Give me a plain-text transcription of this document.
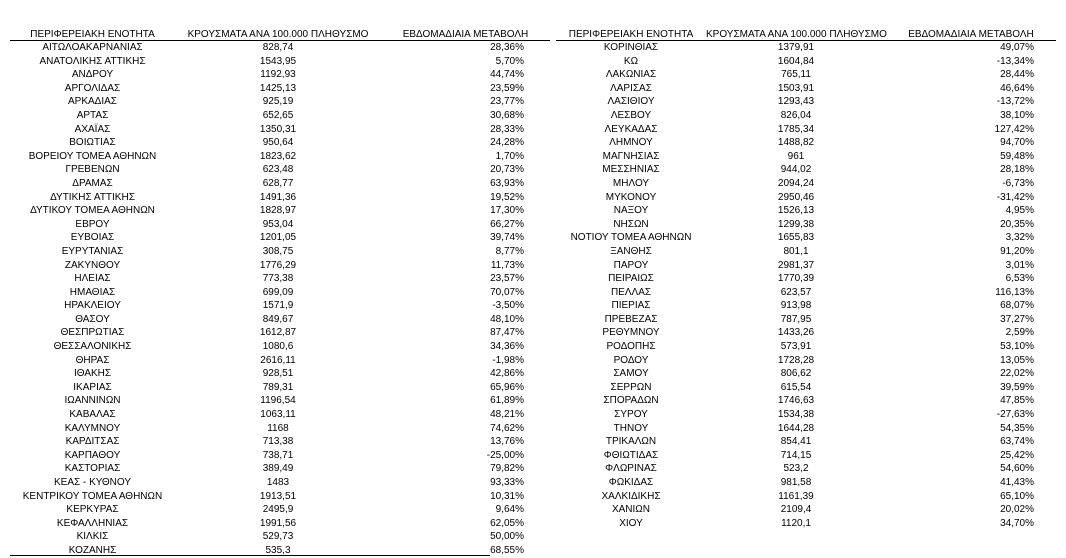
ΠΕΡΙΦΕΡΕΙΑΚΗ ΕΝΟΤΗΤΑ	ΚΡΟΥΣΜΑΤΑ ΑΝΑ 100.000 ΠΛΗΘΥΣΜΟ	ΕΒΔΟΜΑΔΙΑΙΑ ΜΕΤΑΒΟΛΗ
ΑΙΤΩΛΟΑΚΑΡΝΑΝΙΑΣ	828,74	28,36%
ΑΝΑΤΟΛΙΚΗΣ ΑΤΤΙΚΗΣ	1543,95	5,70%
ΑΝΔΡΟΥ	1192,93	44,74%
ΑΡΓΟΛΙΔΑΣ	1425,13	23,59%
ΑΡΚΑΔΙΑΣ	925,19	23,77%
ΑΡΤΑΣ	652,65	30,68%
ΑΧΑΪΑΣ	1350,31	28,33%
ΒΟΙΩΤΙΑΣ	950,64	24,28%
ΒΟΡΕΙΟΥ ΤΟΜΕΑ ΑΘΗΝΩΝ	1823,62	1,70%
ΓΡΕΒΕΝΩΝ	623,48	20,73%
ΔΡΑΜΑΣ	628,77	63,93%
ΔΥΤΙΚΗΣ ΑΤΤΙΚΗΣ	1491,36	19,52%
ΔΥΤΙΚΟΥ ΤΟΜΕΑ ΑΘΗΝΩΝ	1828,97	17,30%
ΕΒΡΟΥ	953,04	66,27%
ΕΥΒΟΙΑΣ	1201,05	39,74%
ΕΥΡΥΤΑΝΙΑΣ	308,75	8,77%
ΖΑΚΥΝΘΟΥ	1776,29	11,73%
ΗΛΕΙΑΣ	773,38	23,57%
ΗΜΑΘΙΑΣ	699,09	70,07%
ΗΡΑΚΛΕΙΟΥ	1571,9	-3,50%
ΘΑΣΟΥ	849,67	48,10%
ΘΕΣΠΡΩΤΙΑΣ	1612,87	87,47%
ΘΕΣΣΑΛΟΝΙΚΗΣ	1080,6	34,36%
ΘΗΡΑΣ	2616,11	-1,98%
ΙΘΑΚΗΣ	928,51	42,86%
ΙΚΑΡΙΑΣ	789,31	65,96%
ΙΩΑΝΝΙΝΩΝ	1196,54	61,89%
ΚΑΒΑΛΑΣ	1063,11	48,21%
ΚΑΛΥΜΝΟΥ	1168	74,62%
ΚΑΡΔΙΤΣΑΣ	713,38	13,76%
ΚΑΡΠΑΘΟΥ	738,71	-25,00%
ΚΑΣΤΟΡΙΑΣ	389,49	79,82%
ΚΕΑΣ - ΚΥΘΝΟΥ	1483	93,33%
ΚΕΝΤΡΙΚΟΥ ΤΟΜΕΑ ΑΘΗΝΩΝ	1913,51	10,31%
ΚΕΡΚΥΡΑΣ	2495,9	9,64%
ΚΕΦΑΛΛΗΝΙΑΣ	1991,56	62,05%
ΚΙΛΚΙΣ	529,73	50,00%
ΚΟΖΑΝΗΣ	535,3	68,55%
ΠΕΡΙΦΕΡΕΙΑΚΗ ΕΝΟΤΗΤΑ	ΚΡΟΥΣΜΑΤΑ ΑΝΑ 100.000 ΠΛΗΘΥΣΜΟ	ΕΒΔΟΜΑΔΙΑΙΑ ΜΕΤΑΒΟΛΗ
ΚΟΡΙΝΘΙΑΣ	1379,91	49,07%
ΚΩ	1604,84	-13,34%
ΛΑΚΩΝΙΑΣ	765,11	28,44%
ΛΑΡΙΣΑΣ	1503,91	46,64%
ΛΑΣΙΘΙΟΥ	1293,43	-13,72%
ΛΕΣΒΟΥ	826,04	38,10%
ΛΕΥΚΑΔΑΣ	1785,34	127,42%
ΛΗΜΝΟΥ	1488,82	94,70%
ΜΑΓΝΗΣΙΑΣ	961	59,48%
ΜΕΣΣΗΝΙΑΣ	944,02	28,18%
ΜΗΛΟΥ	2094,24	-6,73%
ΜΥΚΟΝΟΥ	2950,46	-31,42%
ΝΑΞΟΥ	1526,13	4,95%
ΝΗΣΩΝ	1299,38	20,35%
ΝΟΤΙΟΥ ΤΟΜΕΑ ΑΘΗΝΩΝ	1655,83	3,32%
ΞΑΝΘΗΣ	801,1	91,20%
ΠΑΡΟΥ	2981,37	3,01%
ΠΕΙΡΑΙΩΣ	1770,39	6,53%
ΠΕΛΛΑΣ	623,57	116,13%
ΠΙΕΡΙΑΣ	913,98	68,07%
ΠΡΕΒΕΖΑΣ	787,95	37,27%
ΡΕΘΥΜΝΟΥ	1433,26	2,59%
ΡΟΔΟΠΗΣ	573,91	53,10%
ΡΟΔΟΥ	1728,28	13,05%
ΣΑΜΟΥ	806,62	22,02%
ΣΕΡΡΩΝ	615,54	39,59%
ΣΠΟΡΑΔΩΝ	1746,63	47,85%
ΣΥΡΟΥ	1534,38	-27,63%
ΤΗΝΟΥ	1644,28	54,35%
ΤΡΙΚΑΛΩΝ	854,41	63,74%
ΦΘΙΩΤΙΔΑΣ	714,15	25,42%
ΦΛΩΡΙΝΑΣ	523,2	54,60%
ΦΩΚΙΔΑΣ	981,58	41,43%
ΧΑΛΚΙΔΙΚΗΣ	1161,39	65,10%
ΧΑΝΙΩΝ	2109,4	20,02%
ΧΙΟΥ	1120,1	34,70%
